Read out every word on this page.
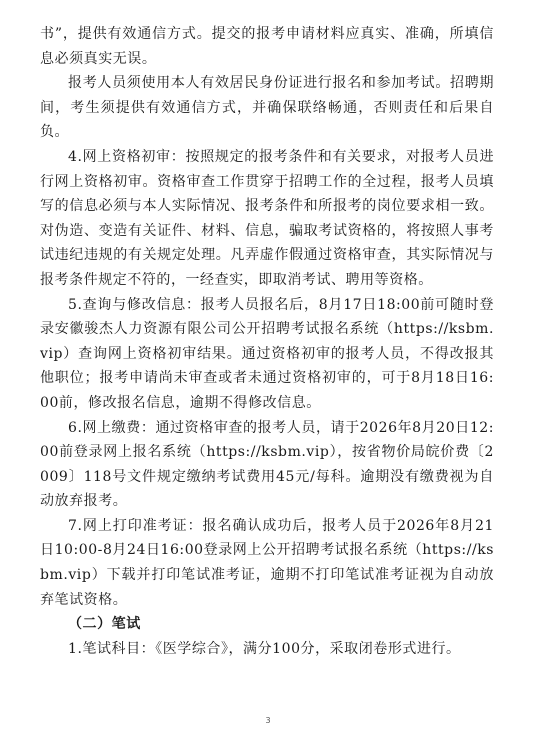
书”，提供有效通信方式。提交的报考申请材料应真实、准确，所填信息必须真实无误。

报考人员须使用本人有效居民身份证进行报名和参加考试。招聘期间，考生须提供有效通信方式，并确保联络畅通，否则责任和后果自负。

4.网上资格初审：按照规定的报考条件和有关要求，对报考人员进行网上资格初审。资格审查工作贯穿于招聘工作的全过程，报考人员填写的信息必须与本人实际情况、报考条件和所报考的岗位要求相一致。对伪造、变造有关证件、材料、信息，骗取考试资格的，将按照人事考试违纪违规的有关规定处理。凡弄虚作假通过资格审查，其实际情况与报考条件规定不符的，一经查实，即取消考试、聘用等资格。

5.查询与修改信息：报考人员报名后，8月17日18:00前可随时登录安徽骏杰人力资源有限公司公开招聘考试报名系统（https://ksbm.vip）查询网上资格初审结果。通过资格初审的报考人员，不得改报其他职位；报考申请尚未审查或者未通过资格初审的，可于8月18日16:00前，修改报名信息，逾期不得修改信息。

6.网上缴费：通过资格审查的报考人员，请于2026年8月20日12:00前登录网上报名系统（https://ksbm.vip），按省物价局皖价费〔2009〕118号文件规定缴纳考试费用45元/每科。逾期没有缴费视为自动放弃报考。

7.网上打印准考证：报名确认成功后，报考人员于2026年8月21日10:00-8月24日16:00登录网上公开招聘考试报名系统（https://ksbm.vip）下载并打印笔试准考证，逾期不打印笔试准考证视为自动放弃笔试资格。

（二）笔试

1.笔试科目：《医学综合》，满分100分，采取闭卷形式进行。

3
